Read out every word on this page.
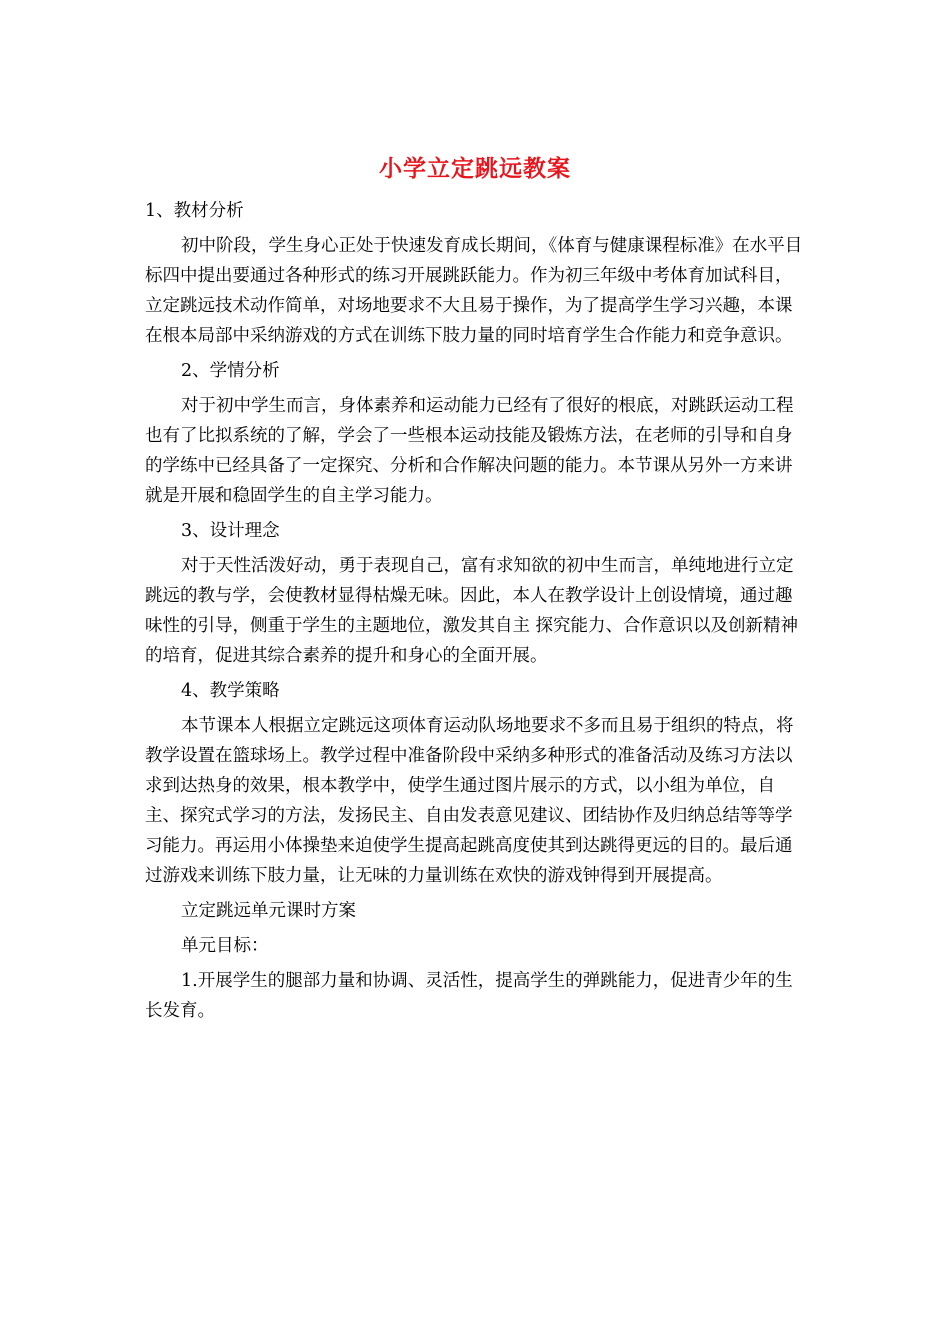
小学立定跳远教案

1、教材分析

初中阶段，学生身心正处于快速发育成长期间，《体育与健康课程标准》在水平目标四中提出要通过各种形式的练习开展跳跃能力。作为初三年级中考体育加试科目，立定跳远技术动作简单，对场地要求不大且易于操作，为了提高学生学习兴趣，本课在根本局部中采纳游戏的方式在训练下肢力量的同时培育学生合作能力和竞争意识。

2、学情分析

对于初中学生而言，身体素养和运动能力已经有了很好的根底，对跳跃运动工程也有了比拟系统的了解，学会了一些根本运动技能及锻炼方法，在老师的引导和自身的学练中已经具备了一定探究、分析和合作解决问题的能力。本节课从另外一方来讲就是开展和稳固学生的自主学习能力。

3、设计理念

对于天性活泼好动，勇于表现自己，富有求知欲的初中生而言，单纯地进行立定跳远的教与学，会使教材显得枯燥无味。因此，本人在教学设计上创设情境，通过趣味性的引导，侧重于学生的主题地位，激发其自主 探究能力、合作意识以及创新精神的培育，促进其综合素养的提升和身心的全面开展。

4、教学策略

本节课本人根据立定跳远这项体育运动队场地要求不多而且易于组织的特点，将教学设置在篮球场上。教学过程中准备阶段中采纳多种形式的准备活动及练习方法以求到达热身的效果，根本教学中，使学生通过图片展示的方式，以小组为单位，自主、探究式学习的方法，发扬民主、自由发表意见建议、团结协作及归纳总结等等学习能力。再运用小体操垫来迫使学生提高起跳高度使其到达跳得更远的目的。最后通过游戏来训练下肢力量，让无味的力量训练在欢快的游戏钟得到开展提高。

立定跳远单元课时方案

单元目标：

1.开展学生的腿部力量和协调、灵活性，提高学生的弹跳能力，促进青少年的生长发育。
